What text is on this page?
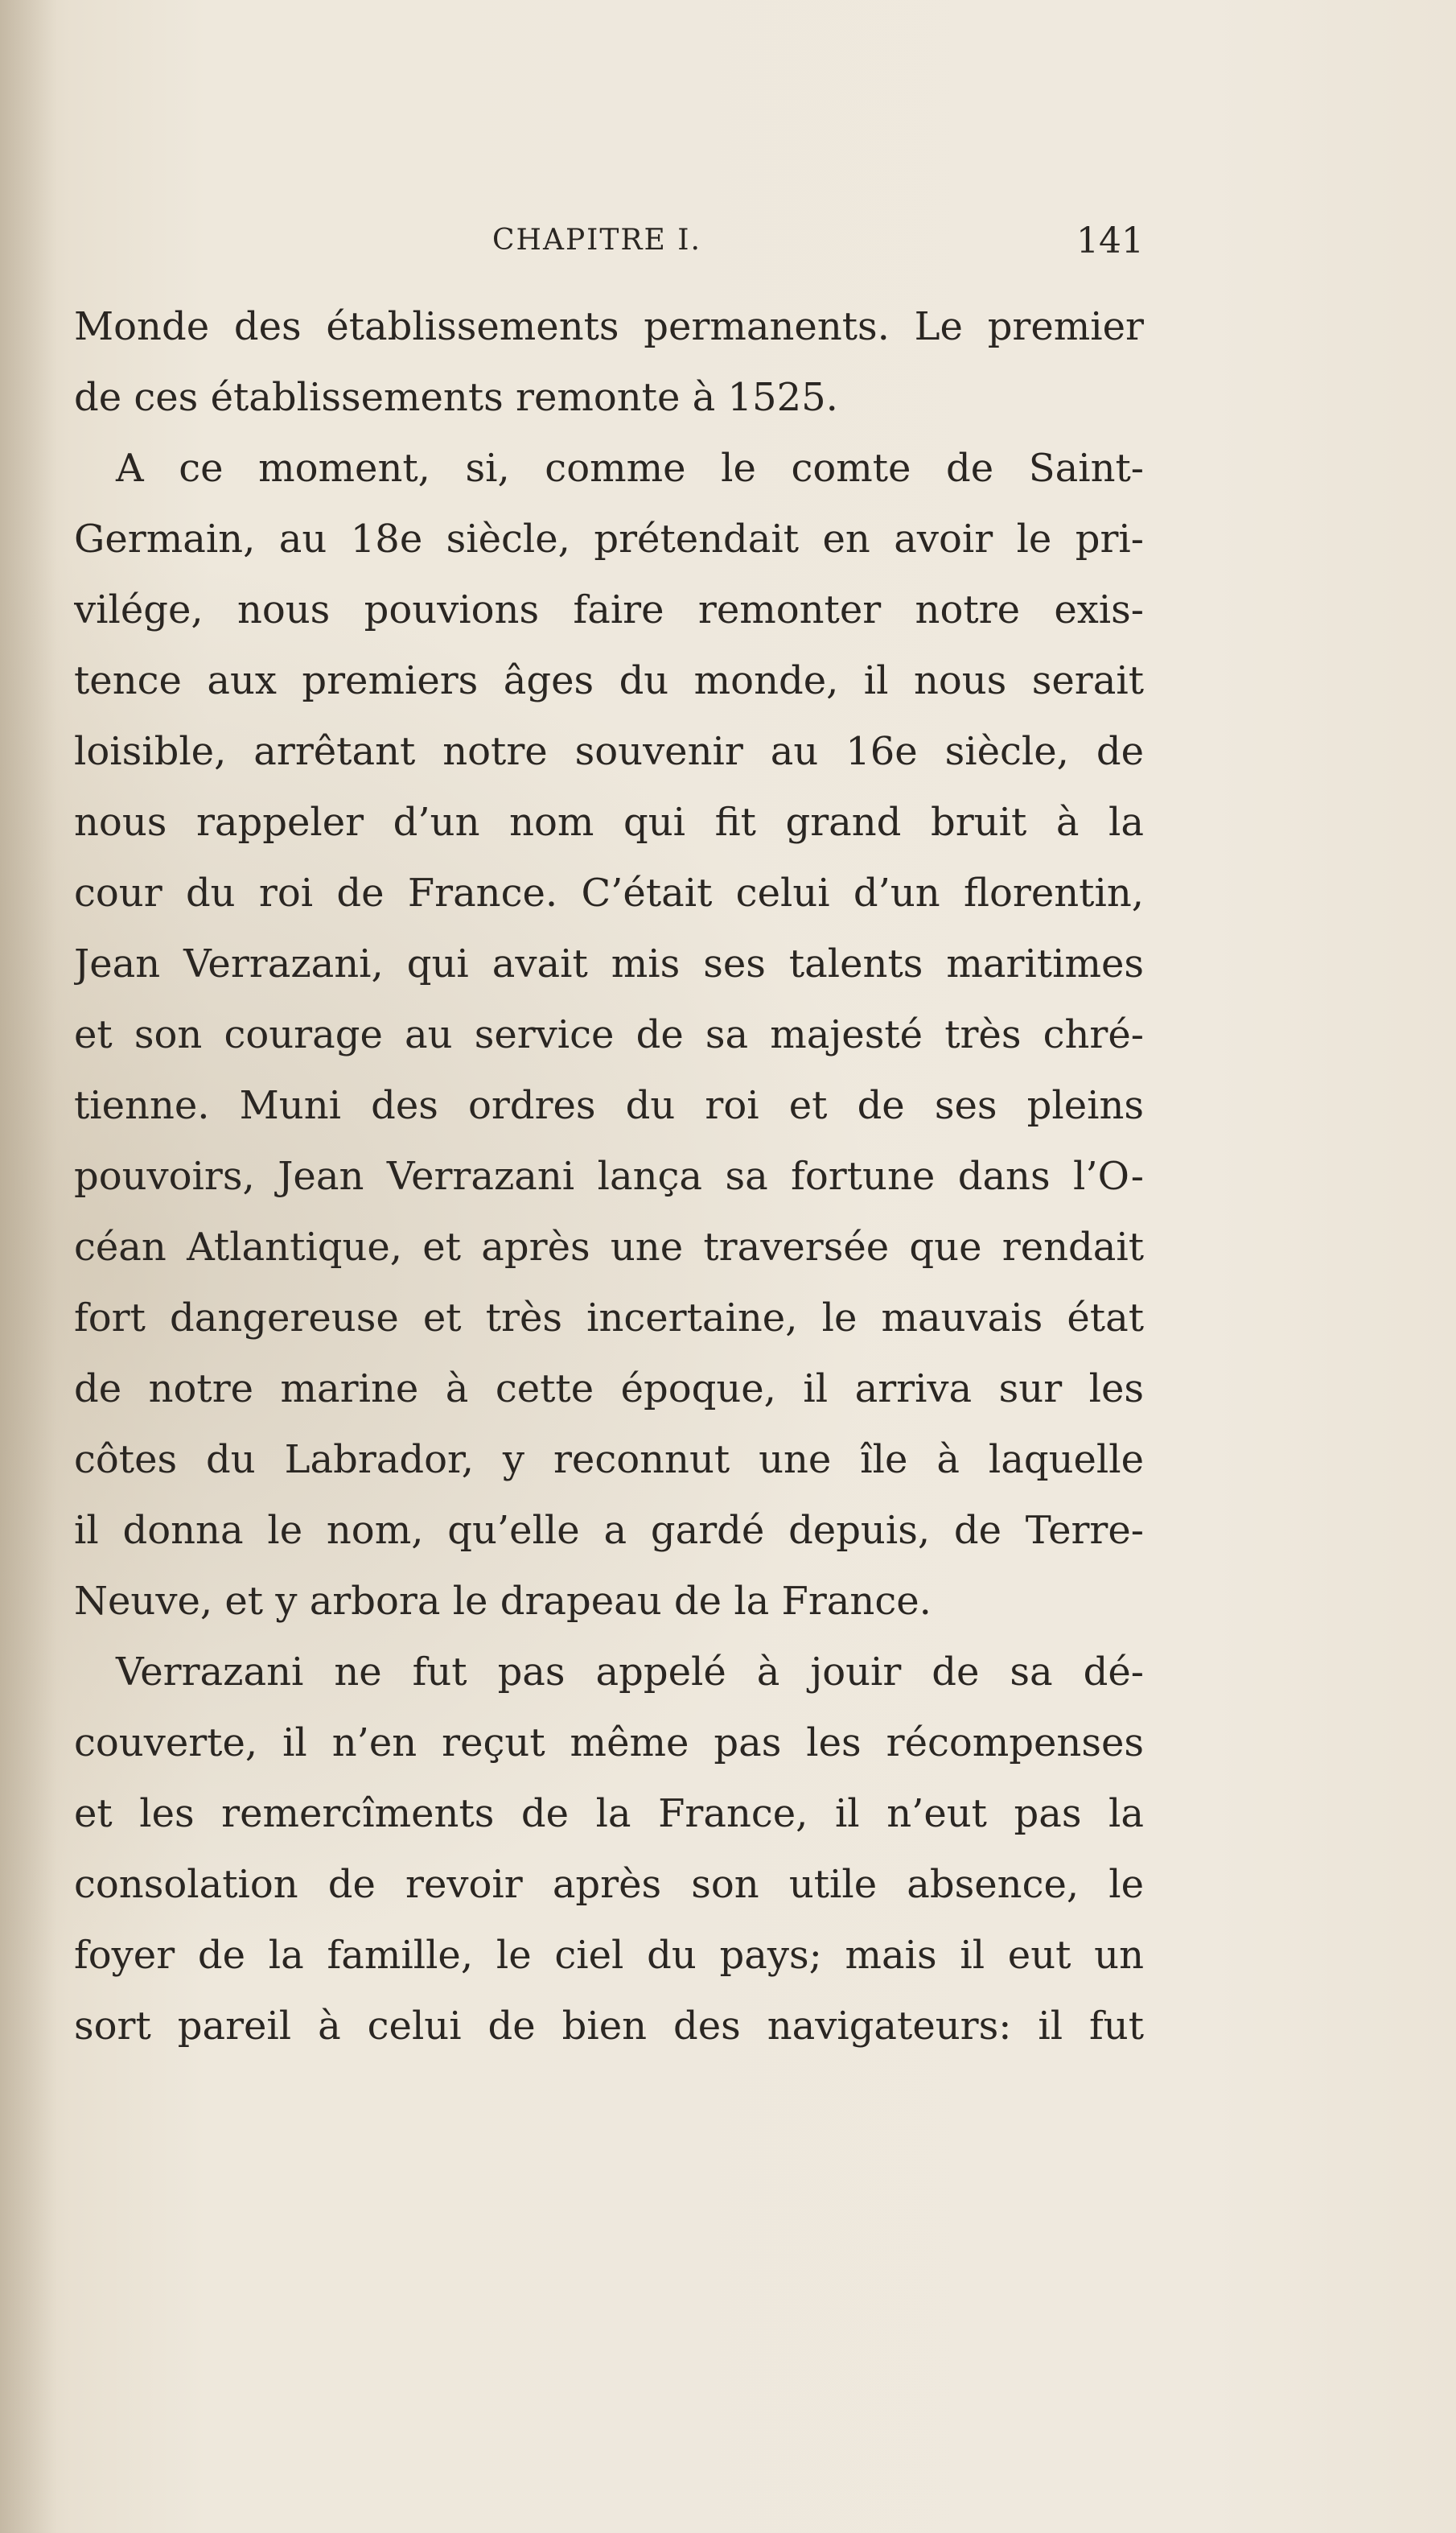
CHAPITRE I.	141
Monde des établissements permanents. Le premier
de ces établissements remonte à 1525.
A ce moment, si, comme le comte de Saint-
Germain, au 18e siècle, prétendait en avoir le pri-
vilége, nous pouvions faire remonter notre exis-
tence aux premiers âges du monde, il nous serait
loisible, arrêtant notre souvenir au 16e siècle, de
nous rappeler d’un nom qui fit grand bruit à la
cour du roi de France. C’était celui d’un florentin,
Jean Verrazani, qui avait mis ses talents maritimes
et son courage au service de sa majesté très chré-
tienne. Muni des ordres du roi et de ses pleins
pouvoirs, Jean Verrazani lança sa fortune dans l’O-
céan Atlantique, et après une traversée que rendait
fort dangereuse et très incertaine, le mauvais état
de notre marine à cette époque, il arriva sur les
côtes du Labrador, y reconnut une île à laquelle
il donna le nom, qu’elle a gardé depuis, de Terre-
Neuve, et y arbora le drapeau de la France.
Verrazani ne fut pas appelé à jouir de sa dé-
couverte, il n’en reçut même pas les récompenses
et les remercîments de la France, il n’eut pas la
consolation de revoir après son utile absence, le
foyer de la famille, le ciel du pays; mais il eut un
sort pareil à celui de bien des navigateurs: il fut
